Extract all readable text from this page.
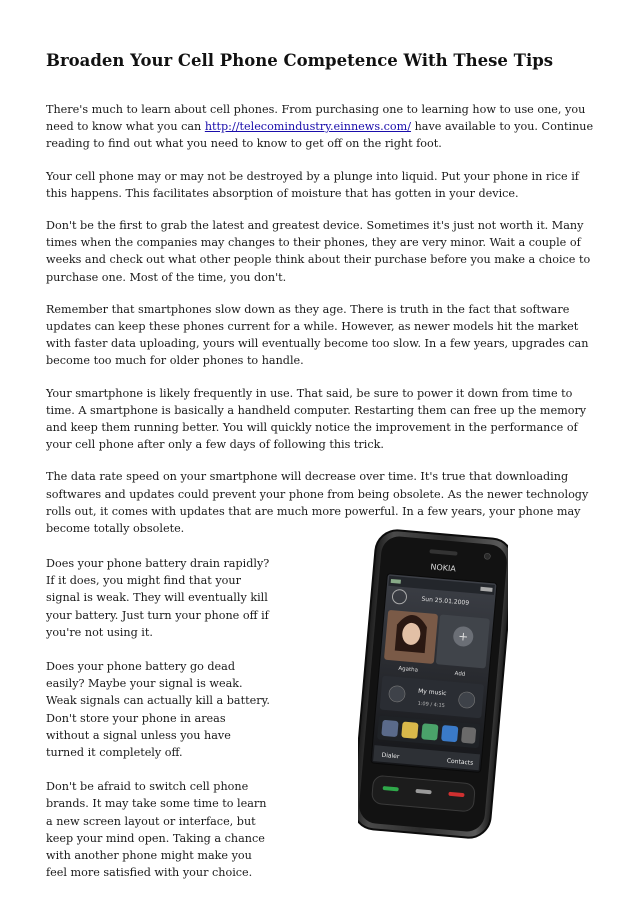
Broaden Your Cell Phone Competence With These Tips

There's much to learn about cell phones. From purchasing one to learning how to use one, you need to know what you can http://telecomindustry.einnews.com/ have available to you. Continue reading to find out what you need to know to get off on the right foot.

Your cell phone may or may not be destroyed by a plunge into liquid. Put your phone in rice if this happens. This facilitates absorption of moisture that has gotten in your device.

Don't be the first to grab the latest and greatest device. Sometimes it's just not worth it. Many times when the companies may changes to their phones, they are very minor. Wait a couple of weeks and check out what other people think about their purchase before you make a choice to purchase one. Most of the time, you don't.

Remember that smartphones slow down as they age. There is truth in the fact that software updates can keep these phones current for a while. However, as newer models hit the market with faster data uploading, yours will eventually become too slow. In a few years, upgrades can become too much for older phones to handle.

Your smartphone is likely frequently in use. That said, be sure to power it down from time to time. A smartphone is basically a handheld computer. Restarting them can free up the memory and keep them running better. You will quickly notice the improvement in the performance of your cell phone after only a few days of following this trick.

The data rate speed on your smartphone will decrease over time. It's true that downloading softwares and updates could prevent your phone from being obsolete. As the newer technology rolls out, it comes with updates that are much more powerful. In a few years, your phone may become totally obsolete.

Does your phone battery drain rapidly? If it does, you might find that your signal is weak. They will eventually kill your battery. Just turn your phone off if you're not using it.

Does your phone battery go dead easily? Maybe your signal is weak. Weak signals can actually kill a battery. Don't store your phone in areas without a signal unless you have turned it completely off.

Don't be afraid to switch cell phone brands. It may take some time to learn a new screen layout or interface, but keep your mind open. Taking a chance with another phone might make you feel more satisfied with your choice.

NOKIA
Sun 25.01.2009
+
Agatha
Add
My music
1:09 / 4:15
Dialer
Contacts
